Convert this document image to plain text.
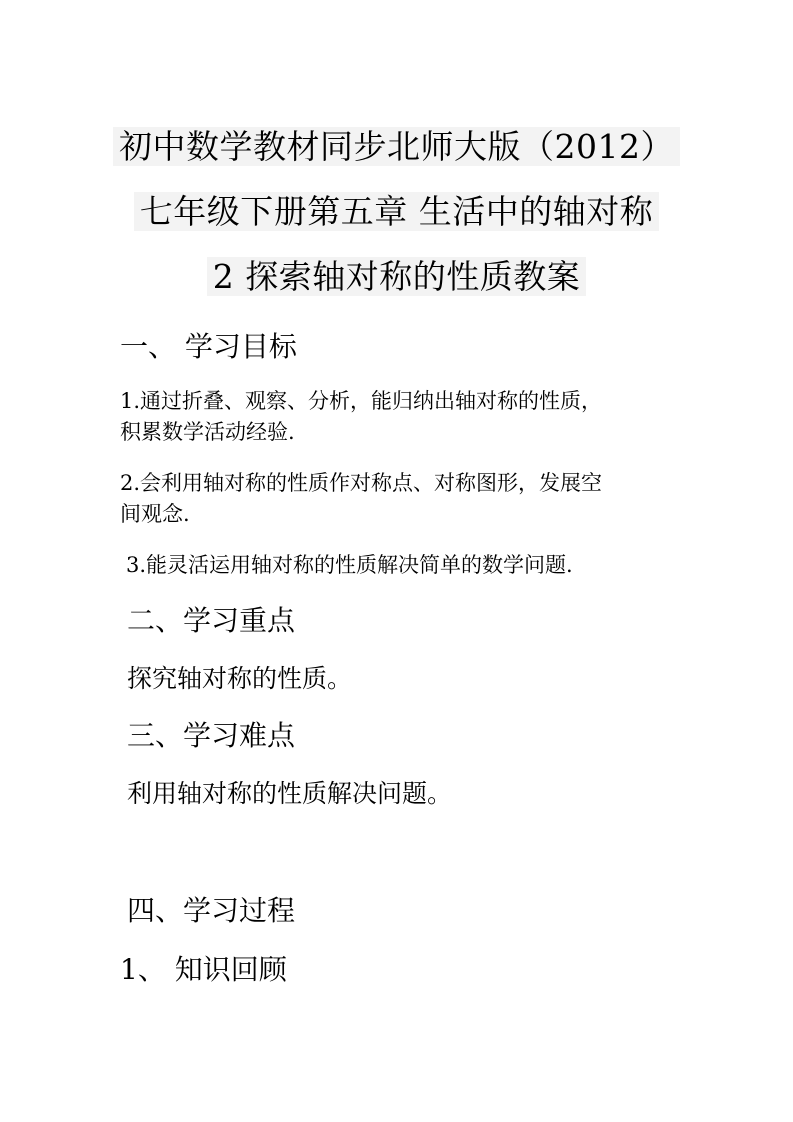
初中数学教材同步北师大版（2012）
七年级下册第五章 生活中的轴对称
2 探索轴对称的性质教案
一、 学习目标
1.通过折叠、观察、分析，能归纳出轴对称的性质，
积累数学活动经验.
2.会利用轴对称的性质作对称点、对称图形，发展空
间观念.
3.能灵活运用轴对称的性质解决简单的数学问题.
二、学习重点
探究轴对称的性质。
三、学习难点
利用轴对称的性质解决问题。
四、学习过程
1、 知识回顾
